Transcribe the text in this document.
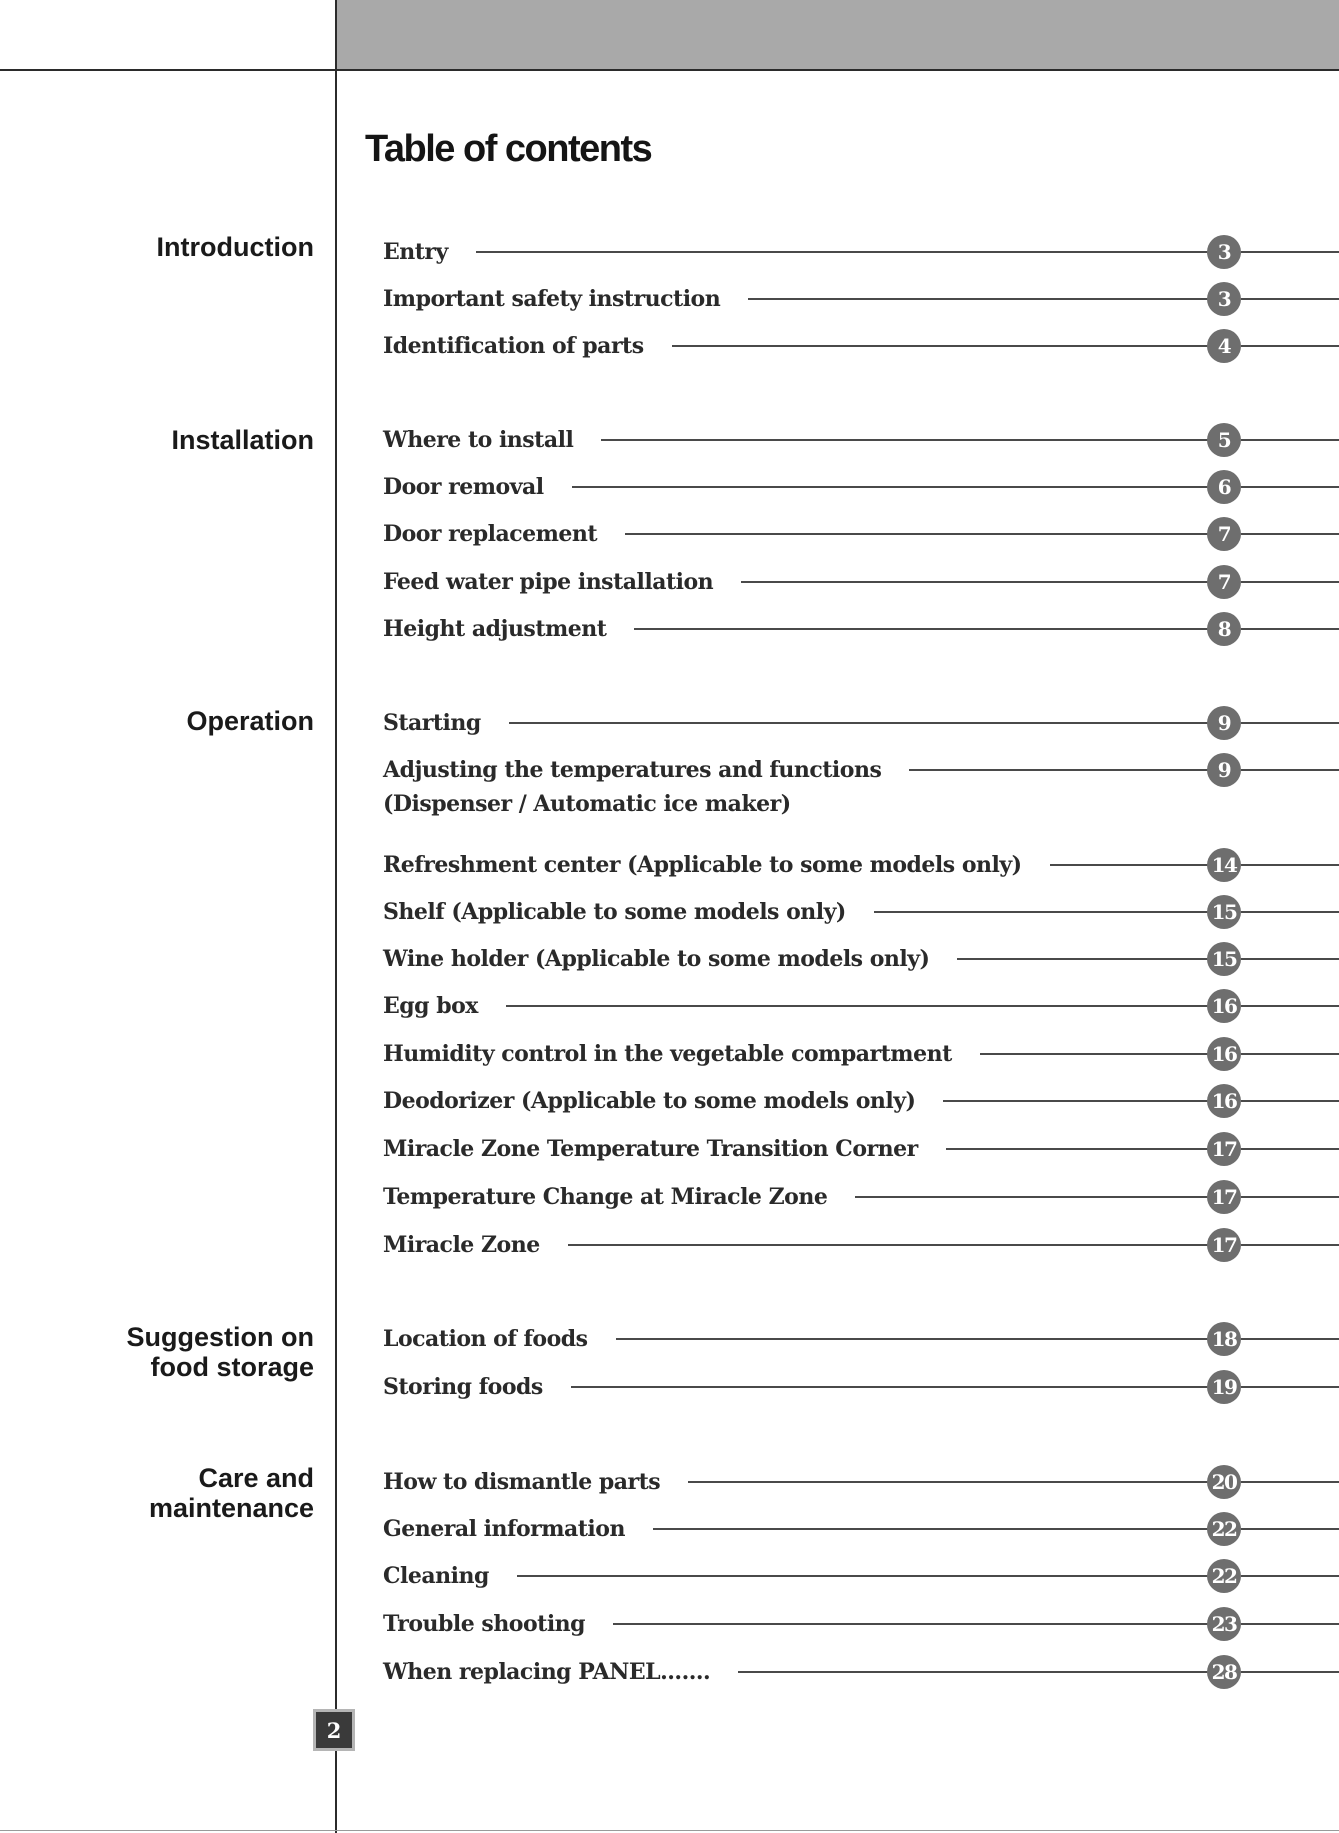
Table of contents
Introduction
Installation
Operation
Suggestion on
food storage
Care and
maintenance
Entry	3
Important safety instruction	3
Identification of parts	4
Where to install	5
Door removal	6
Door replacement	7
Feed water pipe installation	7
Height adjustment	8
Starting	9
Adjusting the temperatures and functions	9
(Dispenser / Automatic ice maker)
Refreshment center (Applicable to some models only)	14
Shelf (Applicable to some models only)	15
Wine holder (Applicable to some models only)	15
Egg box	16
Humidity control in the vegetable compartment	16
Deodorizer (Applicable to some models only)	16
Miracle Zone Temperature Transition Corner	17
Temperature Change at Miracle Zone	17
Miracle Zone	17
Location of foods	18
Storing foods	19
How to dismantle parts	20
General information	22
Cleaning	22
Trouble shooting	23
When replacing PANEL.......	28
2
